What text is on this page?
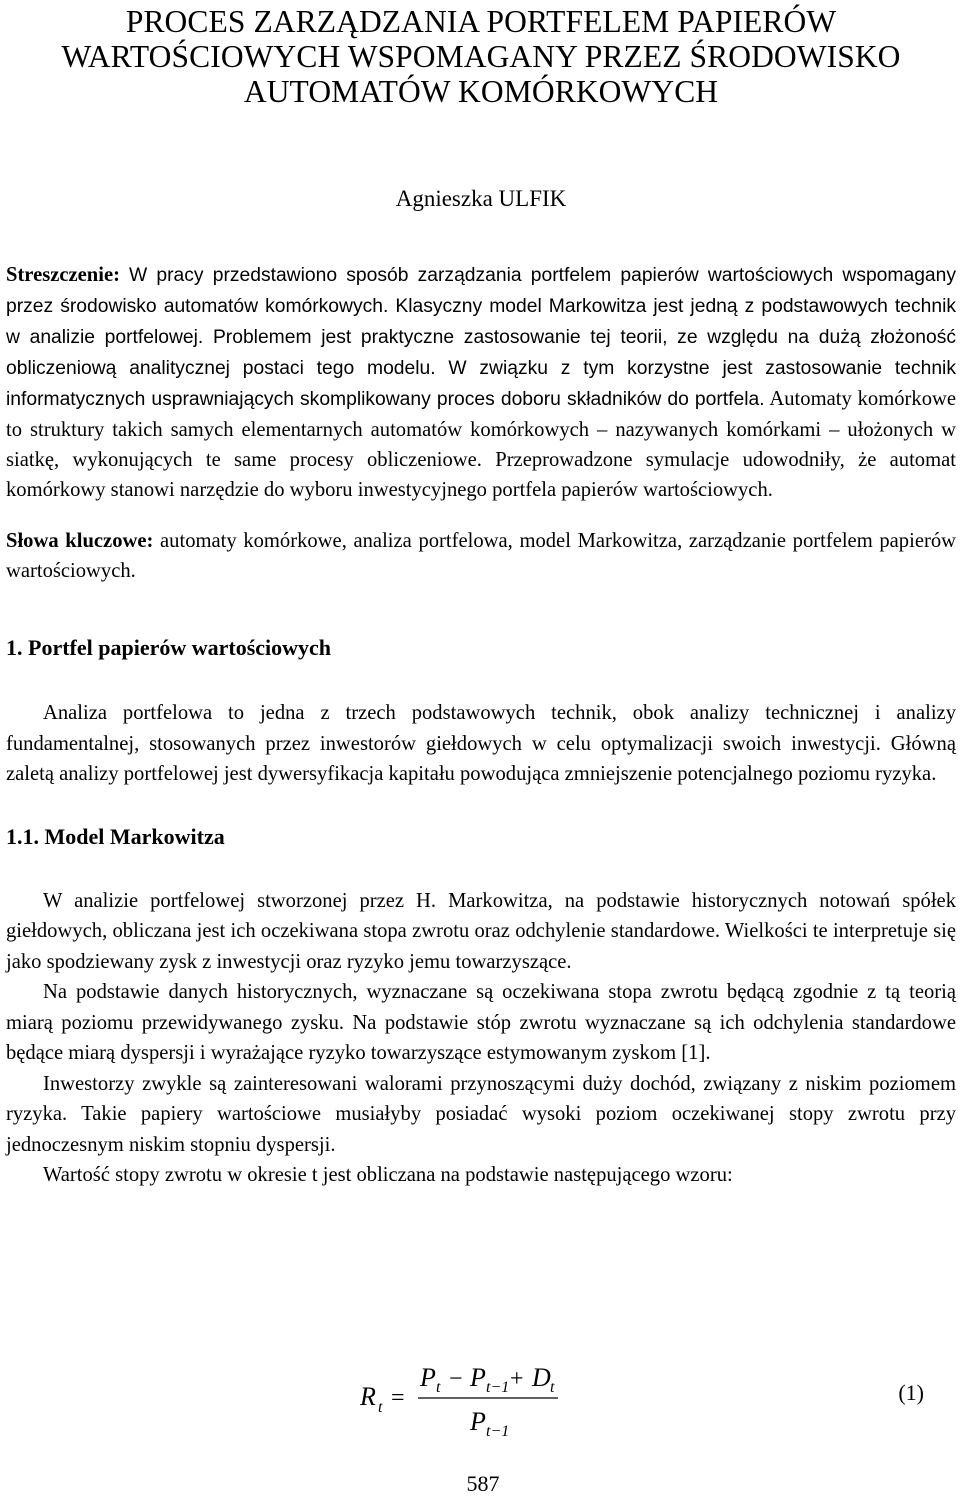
PROCES ZARZĄDZANIA PORTFELEM PAPIERÓW
WARTOŚCIOWYCH WSPOMAGANY PRZEZ ŚRODOWISKO
AUTOMATÓW KOMÓRKOWYCH

Agnieszka ULFIK

Streszczenie: W pracy przedstawiono sposób zarządzania portfelem papierów wartościowych wspomagany przez środowisko automatów komórkowych. Klasyczny model Markowitza jest jedną z podstawowych technik w analizie portfelowej. Problemem jest praktyczne zastosowanie tej teorii, ze względu na dużą złożoność obliczeniową analitycznej postaci tego modelu. W związku z tym korzystne jest zastosowanie technik informatycznych usprawniających skomplikowany proces doboru składników do portfela. Automaty komórkowe to struktury takich samych elementarnych automatów komórkowych – nazywanych komórkami – ułożonych w siatkę, wykonujących te same procesy obliczeniowe. Przeprowadzone symulacje udowodniły, że automat komórkowy stanowi narzędzie do wyboru inwestycyjnego portfela papierów wartościowych.

Słowa kluczowe: automaty komórkowe, analiza portfelowa, model Markowitza, zarządzanie portfelem papierów wartościowych.

1. Portfel papierów wartościowych

Analiza portfelowa to jedna z trzech podstawowych technik, obok analizy technicznej i analizy fundamentalnej, stosowanych przez inwestorów giełdowych w celu optymalizacji swoich inwestycji. Główną zaletą analizy portfelowej jest dywersyfikacja kapitału powodująca zmniejszenie potencjalnego poziomu ryzyka.

1.1. Model Markowitza

W analizie portfelowej stworzonej przez H. Markowitza, na podstawie historycznych notowań spółek giełdowych, obliczana jest ich oczekiwana stopa zwrotu oraz odchylenie standardowe. Wielkości te interpretuje się jako spodziewany zysk z inwestycji oraz ryzyko jemu towarzyszące.

Na podstawie danych historycznych, wyznaczane są oczekiwana stopa zwrotu będącą zgodnie z tą teorią miarą poziomu przewidywanego zysku. Na podstawie stóp zwrotu wyznaczane są ich odchylenia standardowe będące miarą dyspersji i wyrażające ryzyko towarzyszące estymowanym zyskom [1].

Inwestorzy zwykle są zainteresowani walorami przynoszącymi duży dochód, związany z niskim poziomem ryzyka. Takie papiery wartościowe musiałyby posiadać wysoki poziom oczekiwanej stopy zwrotu przy jednoczesnym niskim stopniu dyspersji.

Wartość stopy zwrotu w okresie t jest obliczana na podstawie następującego wzoru:

R t =
P t − P t−1 + D t
P t−1
(1)
587
